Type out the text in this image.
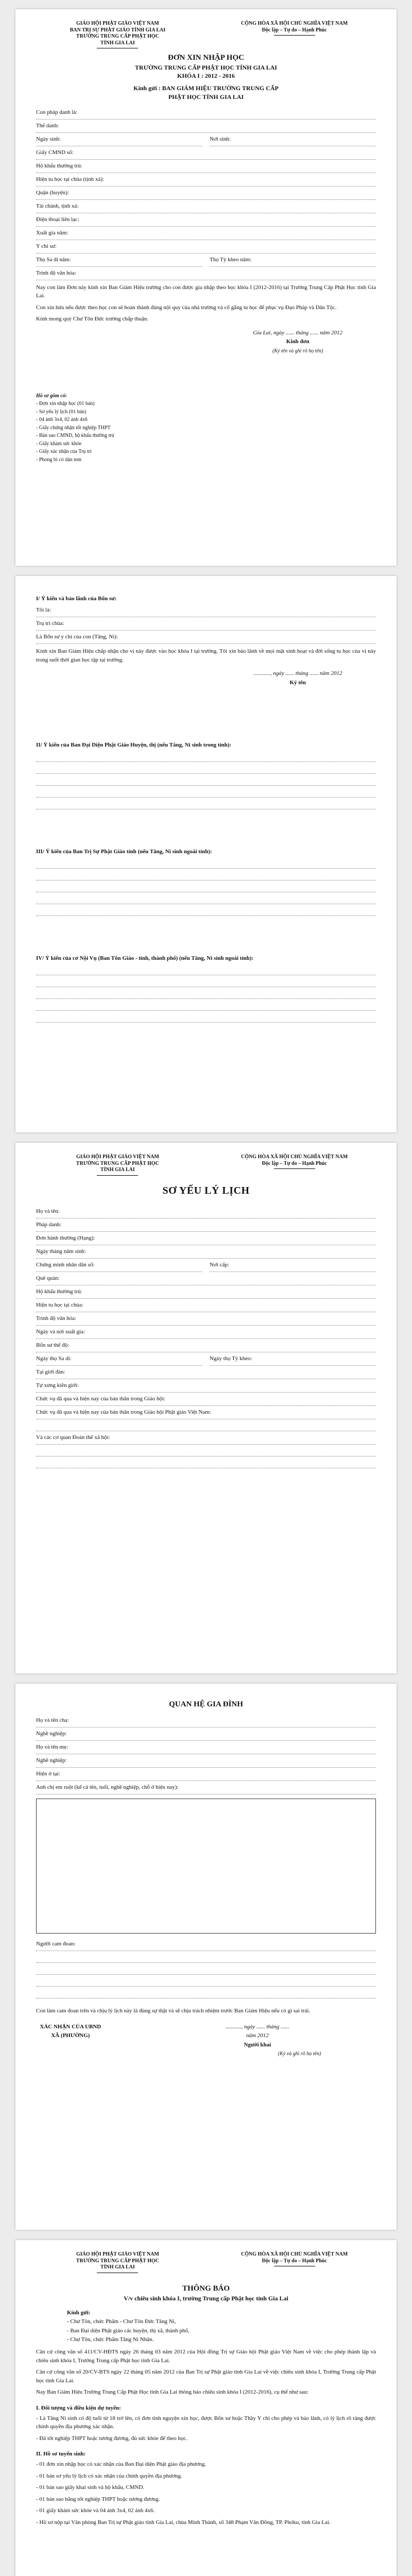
GIÁO HỘI PHẬT GIÁO VIỆT NAM
BAN TRỊ SỰ PHẬT GIÁO TỈNH GIA LAI
TRƯỜNG TRUNG CẤP PHẬT HỌC
TỈNH GIA LAI
CỘNG HÒA XÃ HỘI CHỦ NGHĨA VIỆT NAM
Độc lập – Tự do – Hạnh Phúc
ĐƠN XIN NHẬP HỌC
TRƯỜNG TRUNG CẤP PHẬT HỌC TỈNH GIA LAI
KHÓA I : 2012 - 2016
Kính gửi : BAN GIÁM HIỆU TRƯỜNG TRUNG CẤP
PHẬT HỌC TỈNH GIA LAI
Con pháp danh là:
Thế danh:
Ngày sinh:	Nơi sinh:
Giấy CMND số:
Hộ khẩu thường trú:
Hiện tu học tại chùa (tịnh xá):
Quận (huyện):
Tài chánh, tịnh xá:
Điện thoại liên lạc:
Xuất gia năm:
Y chỉ sư:
Thọ Sa di năm:	Thọ Tỳ kheo năm:
Trình độ văn hóa:

Nay con làm Đơn này kính xin Ban Giám Hiệu trường cho con được gia nhập theo học khóa I (2012-2016) tại Trường Trung Cấp Phật Học tỉnh Gia Lai.

Con xin hứa nếu được theo học con sẽ hoàn thành đúng nội quy của nhà trường và cố gắng tu học để phục vụ Đạo Pháp và Dân Tộc.

Kính mong quý Chư Tôn Đức trường chấp thuận.

Gia Lai, ngày ...... tháng ...... năm 2012
Kính đơn
(Ký tên và ghi rõ họ tên)
Hồ sơ gồm có:
- Đơn xin nhập học (01 bản)
- Sơ yếu lý lịch (01 bản)
- 04 ảnh 3x4, 02 ảnh 4x6
- Giấy chứng nhận tốt nghiệp THPT
- Bản sao CMND, hộ khẩu thường trú
- Giấy khám sức khỏe
- Giấy xác nhận của Trụ trì
- Phong bì có dán tem
I/ Ý kiến và bảo lãnh của Bổn sư:
Tôi là:
Trụ trì chùa:
Là Bổn sư y chỉ của con (Tăng, Ni):

Kính xin Ban Giám Hiệu chấp nhận cho vị này được vào học khóa I tại trường. Tôi xin bảo lãnh về mọi mặt sinh hoạt và đời sống tu học của vị này trong suốt thời gian học tập tại trường.

............, ngày ...... tháng ...... năm 2012
Ký tên
II/ Ý kiến của Ban Đại Diện Phật Giáo Huyện, thị (nếu Tăng, Ni sinh trong tỉnh):
III/ Ý kiến của Ban Trị Sự Phật Giáo tỉnh (nếu Tăng, Ni sinh ngoài tỉnh):
IV/ Ý kiến của cơ Nội Vụ (Ban Tôn Giáo - tỉnh, thành phố) (nếu Tăng, Ni sinh ngoài tỉnh):
GIÁO HỘI PHẬT GIÁO VIỆT NAM
TRƯỜNG TRUNG CẤP PHẬT HỌC
TỈNH GIA LAI
CỘNG HÒA XÃ HỘI CHỦ NGHĨA VIỆT NAM
Độc lập – Tự do – Hạnh Phúc
SƠ YẾU LÝ LỊCH
Họ và tên:
Pháp danh:
Đơn hành thường (Hạng):
Ngày tháng năm sinh:
Chứng minh nhân dân số:	Nơi cấp:
Quê quán:
Hộ khẩu thường trú:
Hiện tu học tại chùa:
Trình độ văn hóa:
Ngày và nơi xuất gia:
Bổn sư thế độ:
Ngày thọ Sa di:	Ngày thọ Tỳ kheo:
Tại giới đàn:
Tự xưng kiên giới:
Chức vụ đã qua và hiện nay của bản thân trong Giáo hội:
Chức vụ đã qua và hiện nay của bản thân trong Giáo hội Phật giáo Việt Nam:
Và các cơ quan Đoàn thể xã hội:
QUAN HỆ GIA ĐÌNH
Họ và tên cha:
Nghề nghiệp:
Họ và tên mẹ:
Nghề nghiệp:
Hiện ở tại:
Anh chị em ruột (kể cả tên, tuổi, nghề nghiệp, chỗ ở hiện nay):
Người cam đoan:

Con làm cam đoan trên và chịu lý lịch này là đúng sự thật và sẽ chịu trách nhiệm trước Ban Giám Hiệu nếu có gì sai trái.

XÁC NHẬN CỦA UBND XÃ (PHƯỜNG)
..........., ngày ...... tháng ...... năm 2012
Người khai
(Ký và ghi rõ họ tên)
GIÁO HỘI PHẬT GIÁO VIỆT NAM
TRƯỜNG TRUNG CẤP PHẬT HỌC
TỈNH GIA LAI
CỘNG HÒA XÃ HỘI CHỦ NGHĨA VIỆT NAM
Độc lập – Tự do – Hạnh Phúc
THÔNG BÁO
V/v chiêu sinh khóa I, trường Trung cấp Phật học tỉnh Gia Lai
Kính gửi:
- Chư Tôn, chức Phẩm - Chư Tôn Đức Tăng Ni,
- Ban Đại diện Phật giáo các huyện, thị xã, thành phố,
- Chư Tôn, chức Phẩm Tăng Ni Nhân.

Căn cứ công văn số 411/CV-HĐTS ngày 26 tháng 03 năm 2012 của Hội đồng Trị sự Giáo hội Phật giáo Việt Nam về việc cho phép thành lập và chiêu sinh khóa I, Trường Trung cấp Phật học tỉnh Gia Lai.

Căn cứ công văn số 20/CV-BTS ngày 22 tháng 05 năm 2012 của Ban Trị sự Phật giáo tỉnh Gia Lai về việc chiêu sinh khóa I, Trường Trung cấp Phật học tỉnh Gia Lai.

Nay Ban Giám Hiệu Trường Trung Cấp Phật Học tỉnh Gia Lai thông báo chiêu sinh khóa I (2012-2016), cụ thể như sau:

I. Đối tượng và điều kiện dự tuyển:

- Là Tăng Ni sinh có độ tuổi từ 18 trở lên, có đơn tình nguyện xin học, được Bổn sư hoặc Thầy Y chỉ cho phép và bảo lãnh, có lý lịch rõ ràng được chính quyền địa phương xác nhận.

- Đã tốt nghiệp THPT hoặc tương đương, đủ sức khỏe để theo học.

II. Hồ sơ tuyển sinh:

- 01 đơn xin nhập học có xác nhận của Ban Đại diện Phật giáo địa phương.

- 01 bản sơ yếu lý lịch có xác nhận của chính quyền địa phương.

- 01 bản sao giấy khai sinh và hộ khẩu, CMND.

- 01 bản sao bằng tốt nghiệp THPT hoặc tương đương.

- 01 giấy khám sức khỏe và 04 ảnh 3x4, 02 ảnh 4x6.

- Hồ sơ nộp tại Văn phòng Ban Trị sự Phật giáo tỉnh Gia Lai, chùa Minh Thành, số 348 Phạm Văn Đồng, TP. Pleiku, tỉnh Gia Lai.
